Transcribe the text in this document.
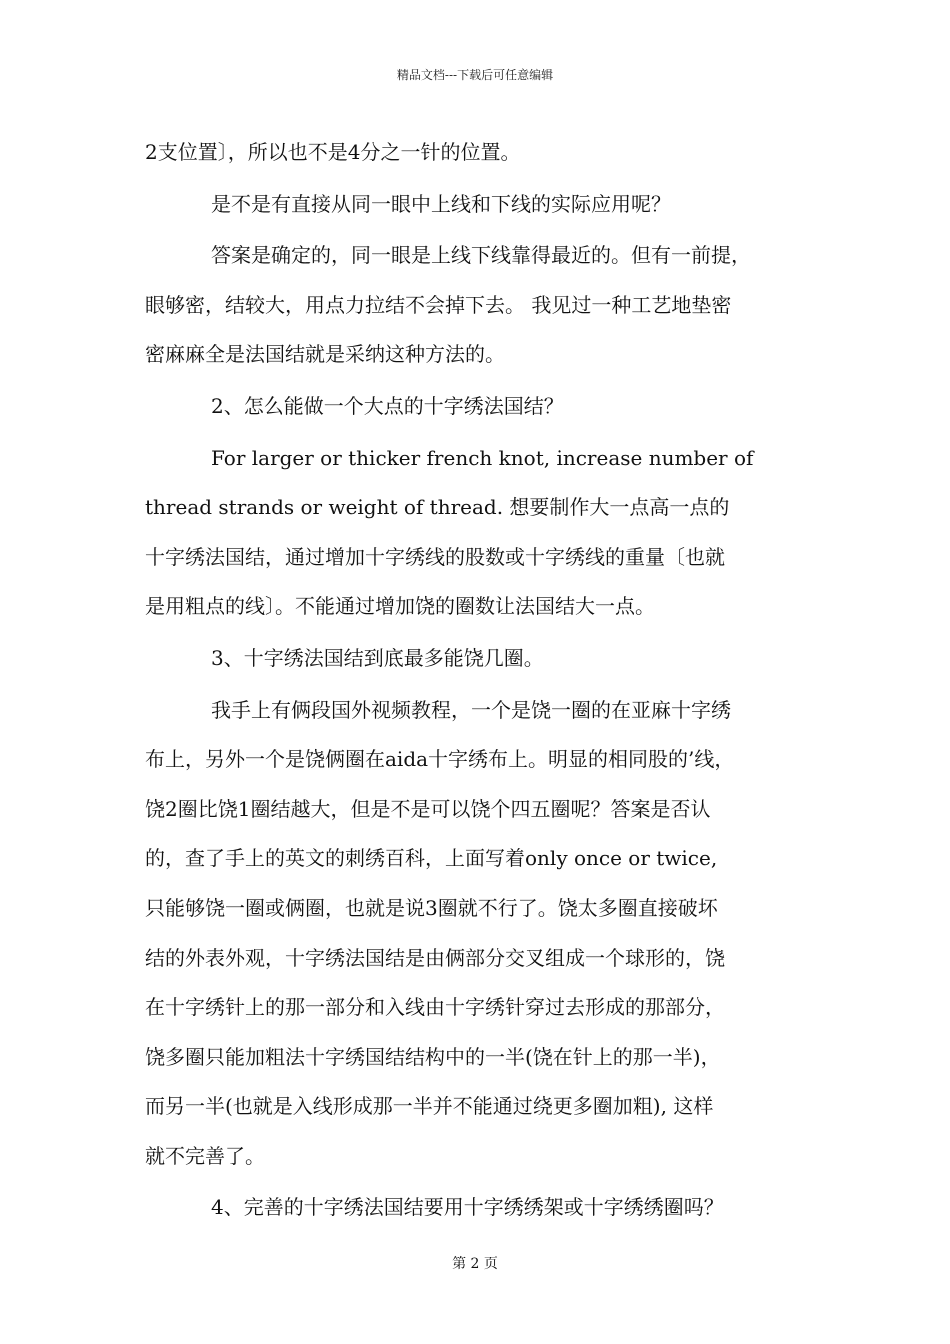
精品文档---下载后可任意编辑
2支位置〕，所以也不是4分之一针的位置。
是不是有直接从同一眼中上线和下线的实际应用呢？
答案是确定的，同一眼是上线下线靠得最近的。但有一前提，
眼够密，结较大，用点力拉结不会掉下去。 我见过一种工艺地垫密
密麻麻全是法国结就是采纳这种方法的。
2、怎么能做一个大点的十字绣法国结？
For larger or thicker french knot, increase number of
thread strands or weight of thread. 想要制作大一点高一点的
十字绣法国结，通过增加十字绣线的股数或十字绣线的重量〔也就
是用粗点的线〕。不能通过增加饶的圈数让法国结大一点。
3、十字绣法国结到底最多能饶几圈。
我手上有俩段国外视频教程，一个是饶一圈的在亚麻十字绣
布上，另外一个是饶俩圈在aida十字绣布上。明显的相同股的’线，
饶2圈比饶1圈结越大，但是不是可以饶个四五圈呢？答案是否认
的，查了手上的英文的刺绣百科，上面写着only once or twice,
只能够饶一圈或俩圈，也就是说3圈就不行了。饶太多圈直接破坏
结的外表外观，十字绣法国结是由俩部分交叉组成一个球形的，饶
在十字绣针上的那一部分和入线由十字绣针穿过去形成的那部分，
饶多圈只能加粗法十字绣国结结构中的一半(饶在针上的那一半)，
而另一半(也就是入线形成那一半并不能通过绕更多圈加粗), 这样
就不完善了。
4、完善的十字绣法国结要用十字绣绣架或十字绣绣圈吗？
第 2 页
